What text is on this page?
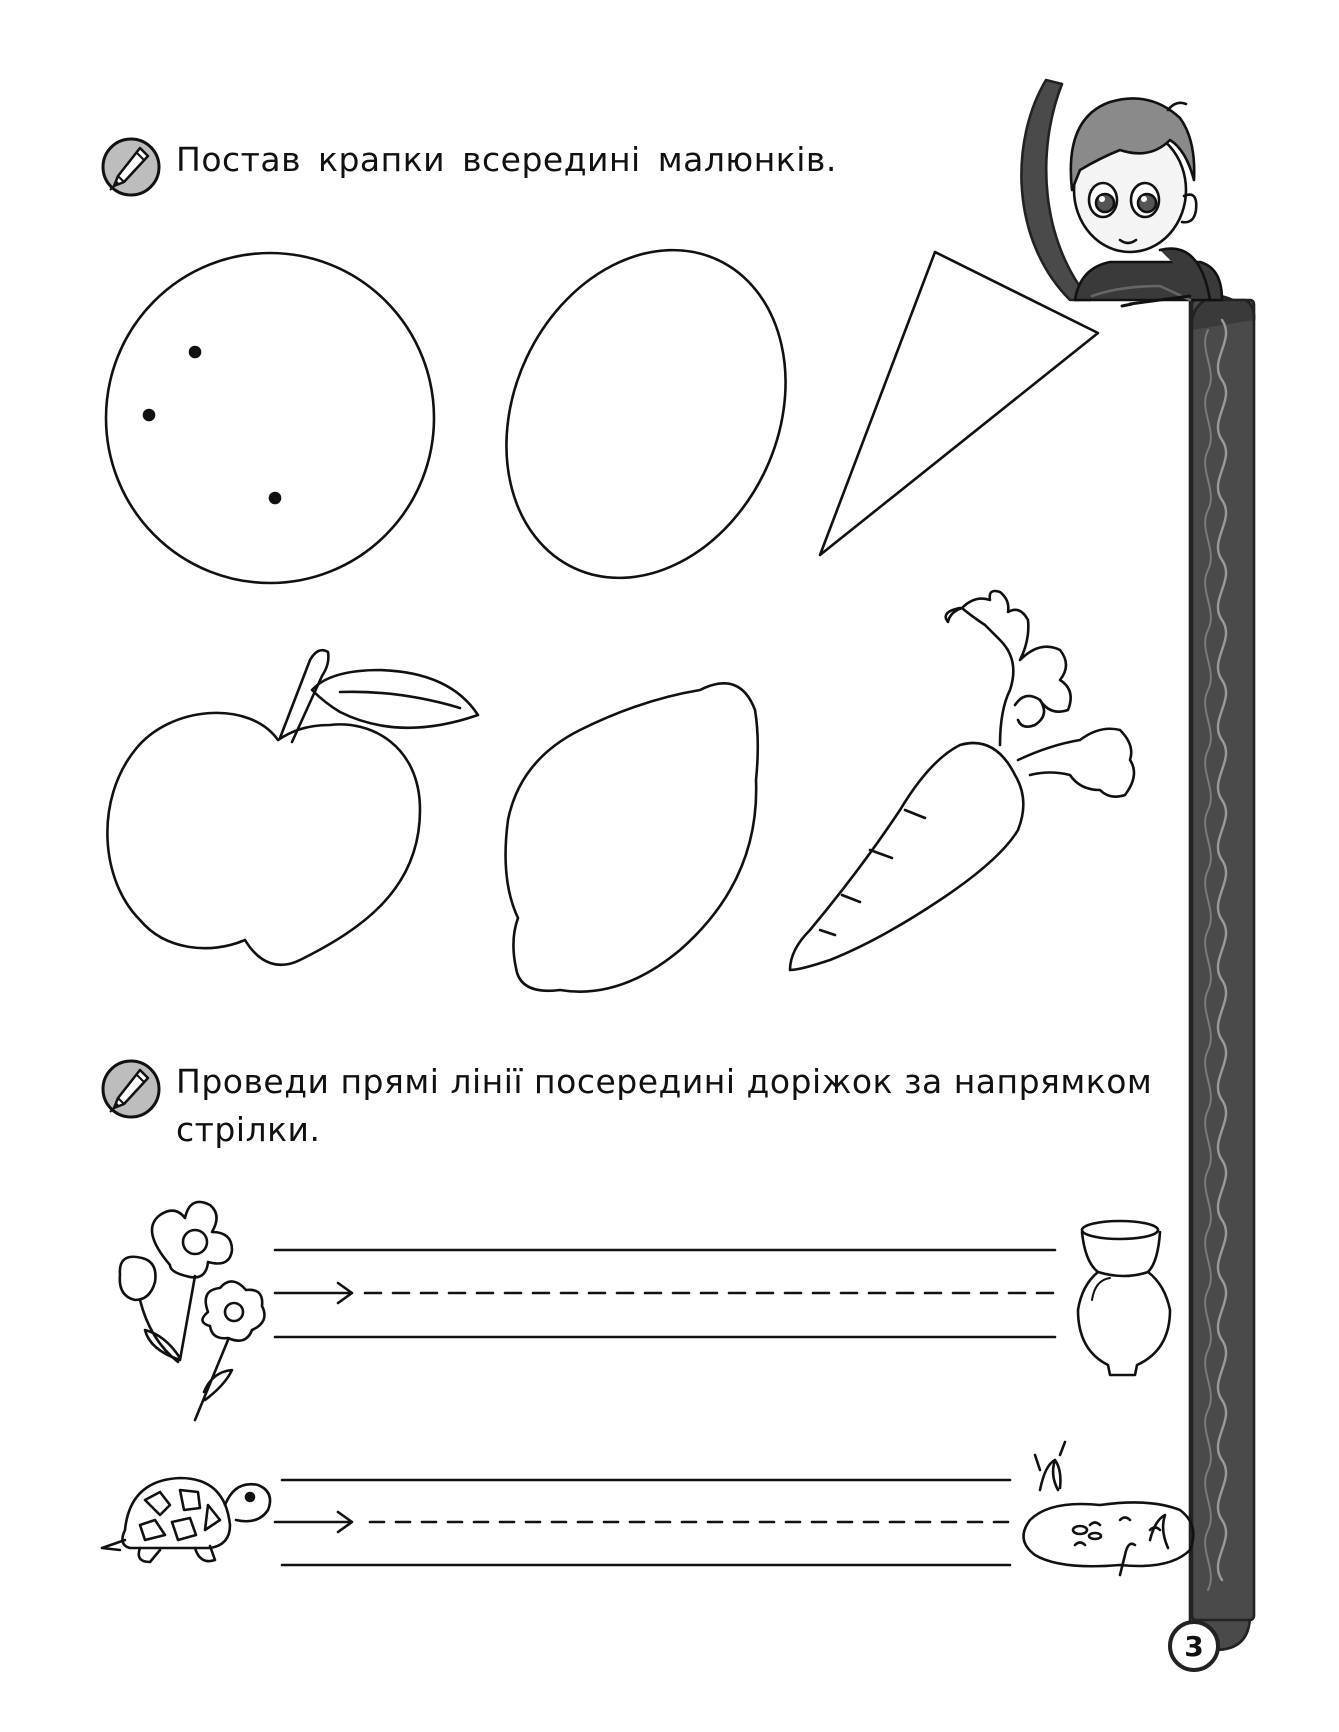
Постав крапки всередині малюнків.
Проведи прямі лінії посередині доріжок за напрямком стрілки.
3
